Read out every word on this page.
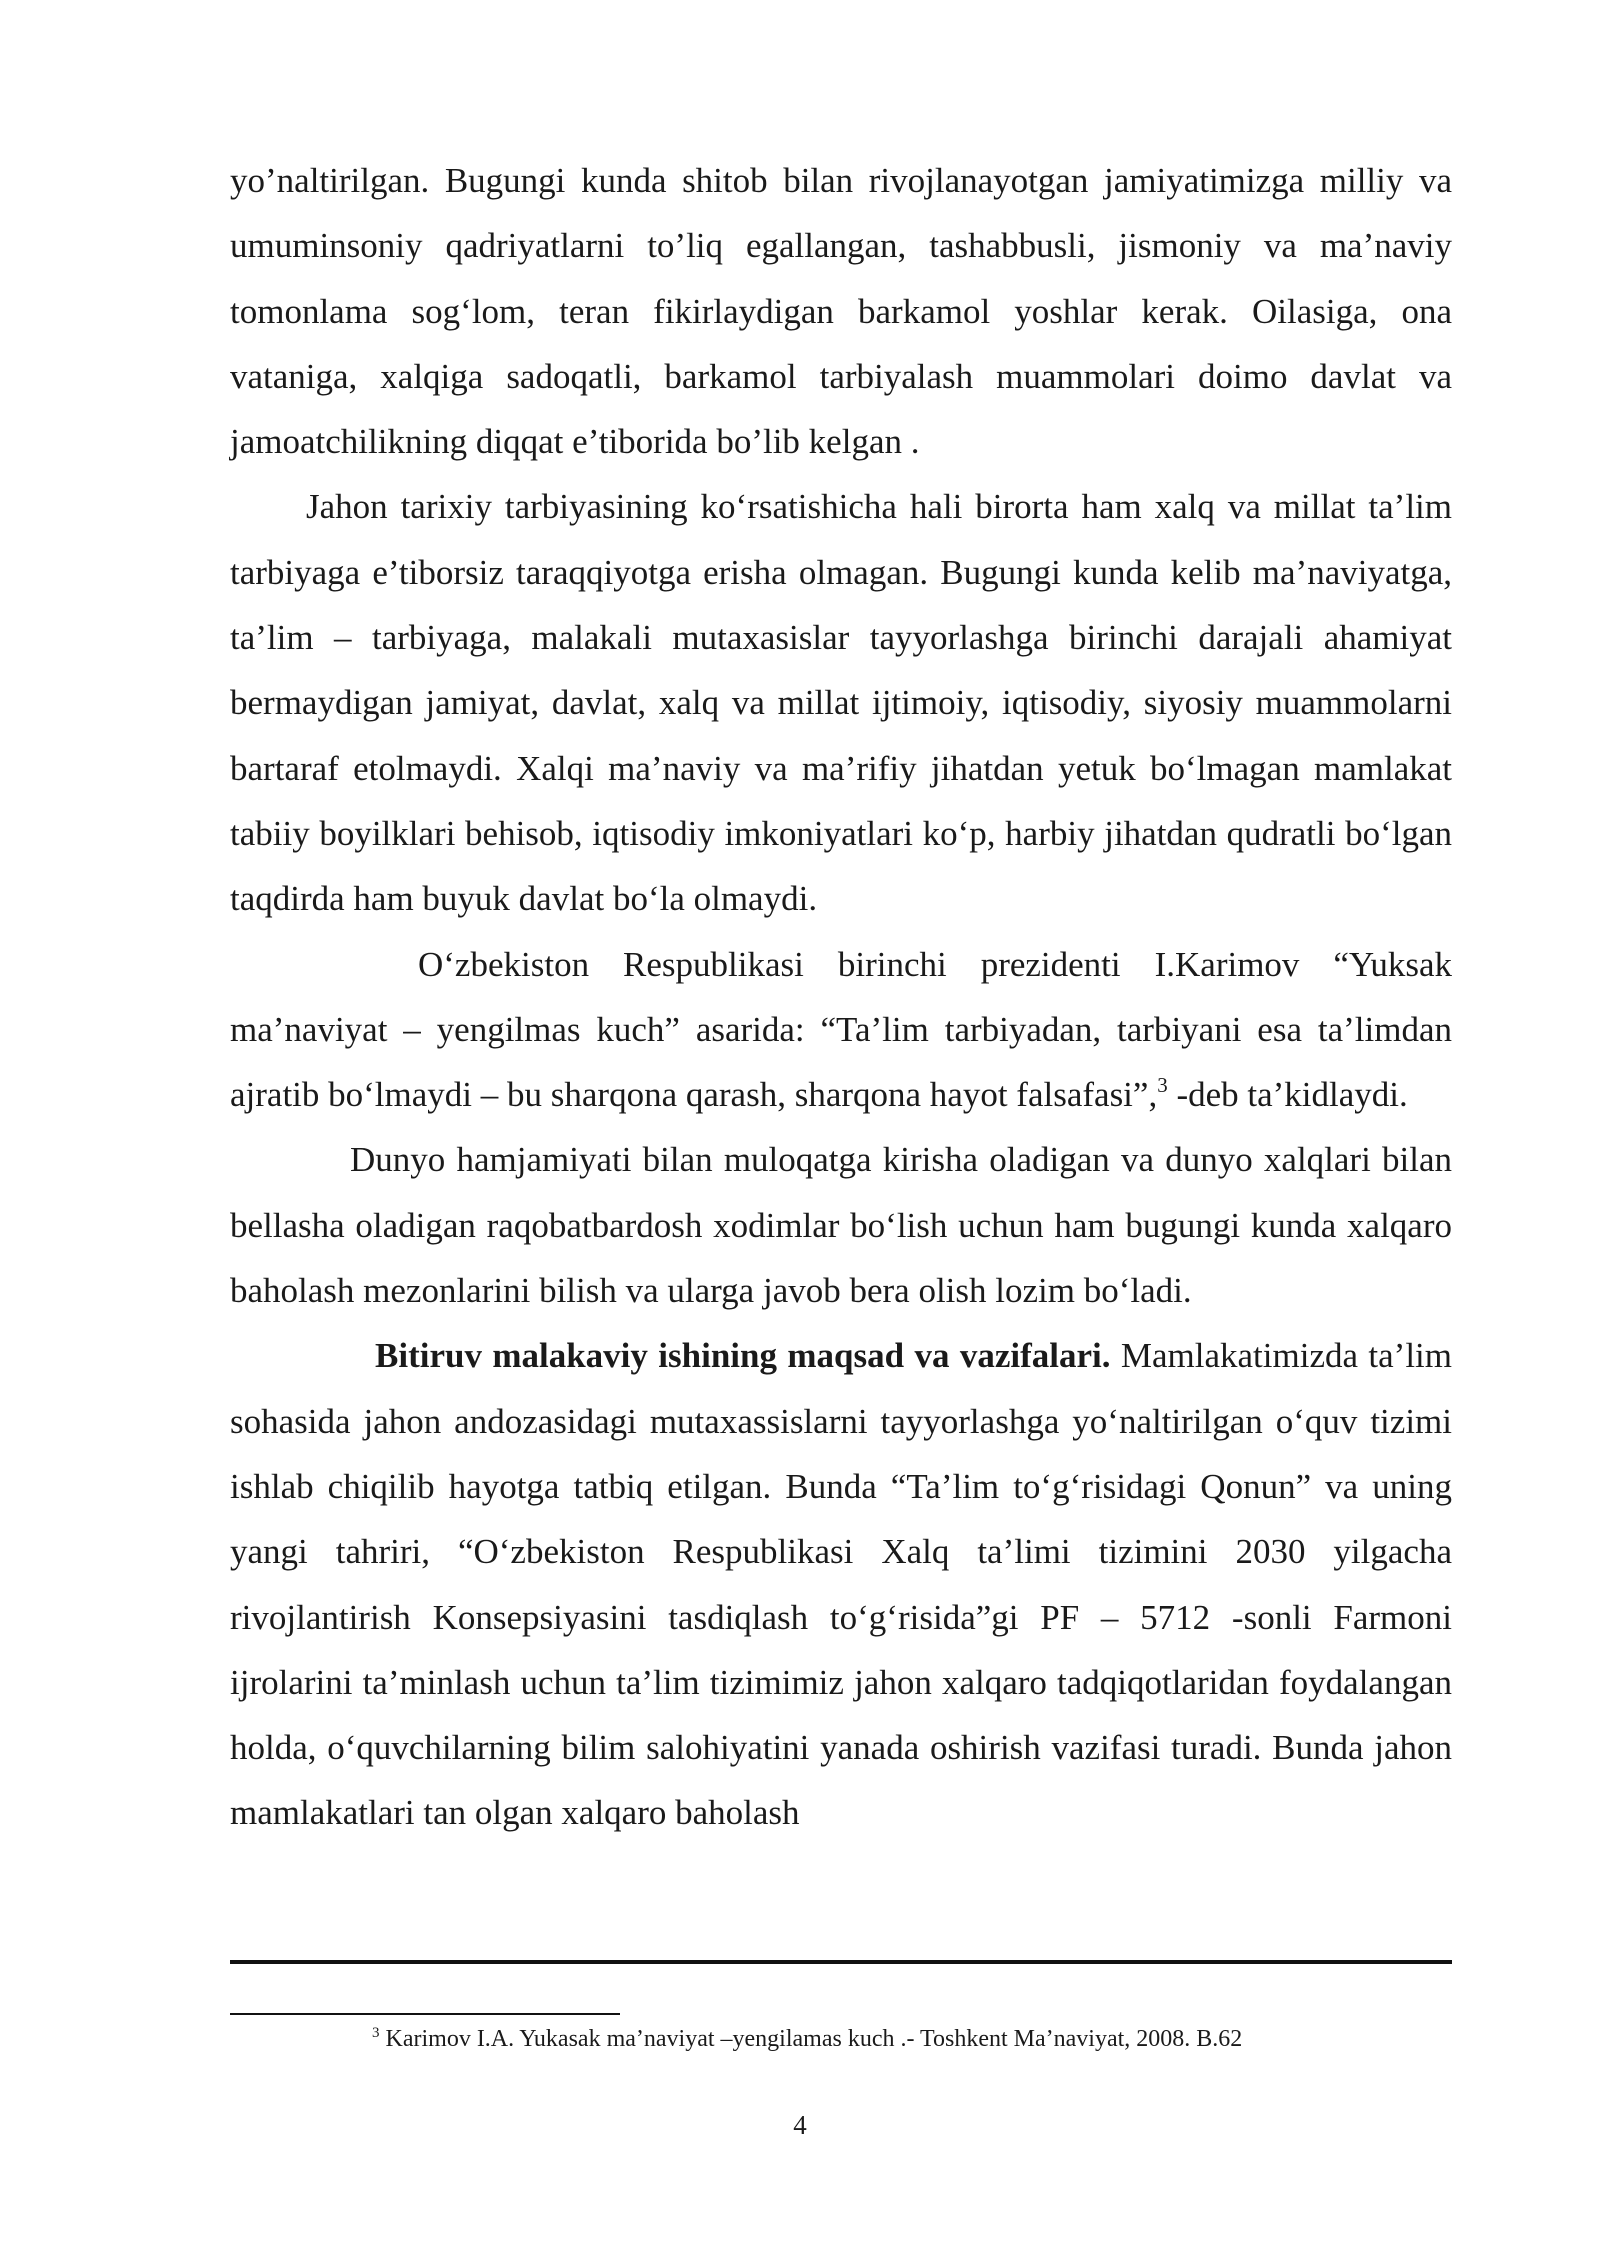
yo’naltirilgan. Bugungi kunda shitob bilan rivojlanayotgan jamiyatimizga milliy va umuminsoniy qadriyatlarni to’liq egallangan, tashabbusli, jismoniy va ma’naviy tomonlama sog‘lom, teran fikirlaydigan barkamol yoshlar kerak. Oilasiga, ona vataniga, xalqiga sadoqatli, barkamol tarbiyalash muammolari doimo davlat va jamoatchilikning diqqat e’tiborida bo’lib kelgan .

Jahon tarixiy tarbiyasining ko‘rsatishicha hali birorta ham xalq va millat ta’lim tarbiyaga e’tiborsiz taraqqiyotga erisha olmagan. Bugungi kunda kelib ma’naviyatga, ta’lim – tarbiyaga, malakali mutaxasislar tayyorlashga birinchi darajali ahamiyat bermaydigan jamiyat, davlat, xalq va millat ijtimoiy, iqtisodiy, siyosiy muammolarni bartaraf etolmaydi. Xalqi ma’naviy va ma’rifiy jihatdan yetuk bo‘lmagan mamlakat tabiiy boyilklari behisob, iqtisodiy imkoniyatlari ko‘p, harbiy jihatdan qudratli bo‘lgan taqdirda ham buyuk davlat bo‘la olmaydi.

O‘zbekiston Respublikasi birinchi prezidenti I.Karimov “Yuksak ma’naviyat – yengilmas kuch” asarida: “Ta’lim tarbiyadan, tarbiyani esa ta’limdan ajratib bo‘lmaydi – bu sharqona qarash, sharqona hayot falsafasi”,$^3$ -deb ta’kidlaydi.

Dunyo hamjamiyati bilan muloqatga kirisha oladigan va dunyo xalqlari bilan bellasha oladigan raqobatbardosh xodimlar bo‘lish uchun ham bugungi kunda xalqaro baholash mezonlarini bilish va ularga javob bera olish lozim bo‘ladi.

Bitiruv malakaviy ishining maqsad va vazifalari. Mamlakatimizda ta’lim sohasida jahon andozasidagi mutaxassislarni tayyorlashga yo‘naltirilgan o‘quv tizimi ishlab chiqilib hayotga tatbiq etilgan. Bunda “Ta’lim to‘g‘risidagi Qonun” va uning yangi tahriri, “O‘zbekiston Respublikasi Xalq ta’limi tizimini 2030 yilgacha rivojlantirish Konsepsiyasini tasdiqlash to‘g‘risida”gi PF – 5712 -sonli Farmoni ijrolarini ta’minlash uchun ta’lim tizimimiz jahon xalqaro tadqiqotlaridan foydalangan holda, o‘quvchilarning bilim salohiyatini yanada oshirish vazifasi turadi. Bunda jahon mamlakatlari tan olgan xalqaro baholash

$^3$ Karimov I.A. Yukasak ma’naviyat –yengilamas kuch .- Toshkent Ma’naviyat, 2008. B.62
4
